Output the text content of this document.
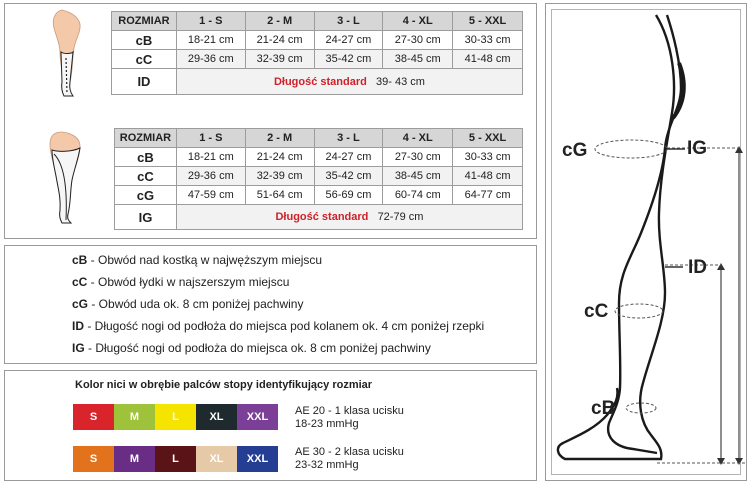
ROZMIAR	1 - S	2 - M	3 - L	4 - XL	5 - XXL
cB	18-21 cm	21-24 cm	24-27 cm	27-30 cm	30-33 cm
cC	29-36 cm	32-39 cm	35-42 cm	38-45 cm	41-48 cm
ID	Długość standard 39- 43 cm				
ROZMIAR	1 - S	2 - M	3 - L	4 - XL	5 - XXL
cB	18-21 cm	21-24 cm	24-27 cm	27-30 cm	30-33 cm
cC	29-36 cm	32-39 cm	35-42 cm	38-45 cm	41-48 cm
cG	47-59 cm	51-64 cm	56-69 cm	60-74 cm	64-77 cm
IG	Długość standard 72-79 cm				
cB - Obwód nad kostką w najwęższym miejscu
cC - Obwód łydki w najszerszym miejscu
cG - Obwód uda ok. 8 cm poniżej pachwiny
ID - Długość nogi od podłoża do miejsca pod kolanem ok. 4 cm poniżej rzepki
IG - Długość nogi od podłoża do miejsca ok. 8 cm poniżej pachwiny
Kolor nici w obrębie palców stopy identyfikujący rozmiar
S	M	L	XL	XXL	AE 20 - 1 klasa ucisku
18-23 mmHg
S	M	L	XL	XXL
AE 30 - 2 klasa ucisku
23-32 mmHg
cG	IG
ID
cC
cB
